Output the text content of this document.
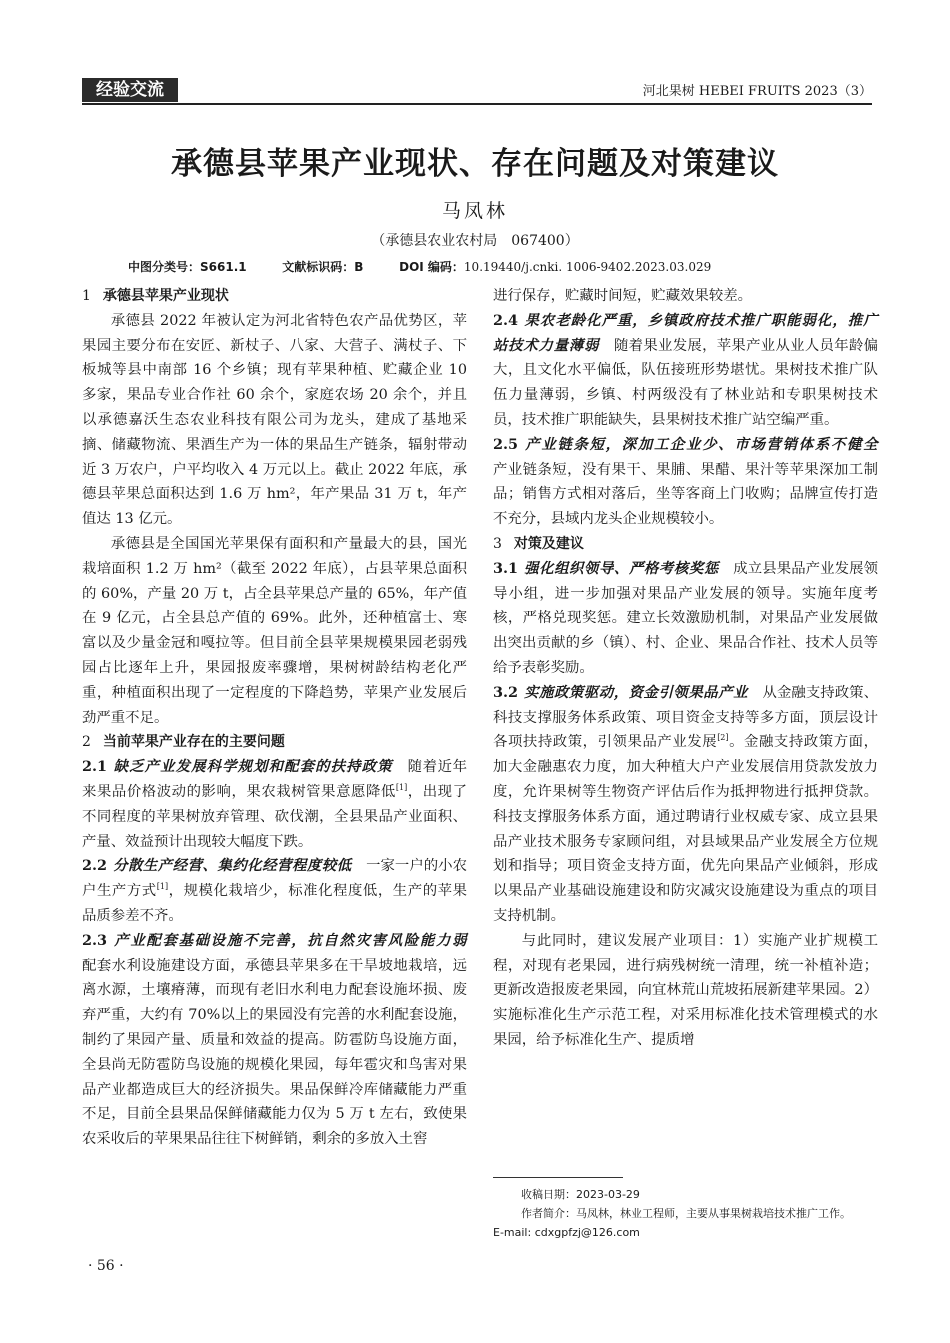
经验交流	河北果树 HEBEI FRUITS 2023（3）
承德县苹果产业现状、存在问题及对策建议
马凤林
（承德县农业农村局　067400）
中图分类号：S661.1	文献标识码：B	DOI 编码：10.19440/j.cnki. 1006-9402.2023.03.029

1 承德县苹果产业现状

承德县 2022 年被认定为河北省特色农产品优势区，苹果园主要分布在安匠、新杖子、八家、大营子、满杖子、下板城等县中南部 16 个乡镇；现有苹果种植、贮藏企业 10 多家，果品专业合作社 60 余个，家庭农场 20 余个，并且以承德嘉沃生态农业科技有限公司为龙头，建成了基地采摘、储藏物流、果酒生产为一体的果品生产链条，辐射带动近 3 万农户，户平均收入 4 万元以上。截止 2022 年底，承德县苹果总面积达到 1.6 万 hm²，年产果品 31 万 t，年产值达 13 亿元。

承德县是全国国光苹果保有面积和产量最大的县，国光栽培面积 1.2 万 hm²（截至 2022 年底），占县苹果总面积的 60%，产量 20 万 t，占全县苹果总产量的 65%，年产值在 9 亿元，占全县总产值的 69%。此外，还种植富士、寒富以及少量金冠和嘎拉等。但目前全县苹果规模果园老弱残园占比逐年上升，果园报废率骤增，果树树龄结构老化严重，种植面积出现了一定程度的下降趋势，苹果产业发展后劲严重不足。

2 当前苹果产业存在的主要问题

2.1 缺乏产业发展科学规划和配套的扶持政策　 随着近年来果品价格波动的影响，果农栽树管果意愿降低[1]，出现了不同程度的苹果树放弃管理、砍伐潮，全县果品产业面积、产量、效益预计出现较大幅度下跌。

2.2 分散生产经营、集约化经营程度较低　 一家一户的小农户生产方式[1]，规模化栽培少，标准化程度低，生产的苹果品质参差不齐。

2.3 产业配套基础设施不完善，抗自然灾害风险能力弱　配套水利设施建设方面，承德县苹果多在干旱坡地栽培，远离水源，土壤瘠薄，而现有老旧水利电力配套设施坏损、废弃严重，大约有 70%以上的果园没有完善的水利配套设施，制约了果园产量、质量和效益的提高。防雹防鸟设施方面，全县尚无防雹防鸟设施的规模化果园，每年雹灾和鸟害对果品产业都造成巨大的经济损失。果品保鲜冷库储藏能力严重不足，目前全县果品保鲜储藏能力仅为 5 万 t 左右，致使果农采收后的苹果果品往往下树鲜销，剩余的多放入土窖

进行保存，贮藏时间短，贮藏效果较差。

2.4 果农老龄化严重，乡镇政府技术推广职能弱化，推广站技术力量薄弱　 随着果业发展，苹果产业从业人员年龄偏大，且文化水平偏低，队伍接班形势堪忧。果树技术推广队伍力量薄弱，乡镇、村两级没有了林业站和专职果树技术员，技术推广职能缺失，县果树技术推广站空编严重。

2.5 产业链条短，深加工企业少、市场营销体系不健全　产业链条短，没有果干、果脯、果醋、果汁等苹果深加工制品；销售方式相对落后，坐等客商上门收购；品牌宣传打造不充分，县域内龙头企业规模较小。

3 对策及建议

3.1 强化组织领导、严格考核奖惩　 成立县果品产业发展领导小组，进一步加强对果品产业发展的领导。实施年度考核，严格兑现奖惩。建立长效激励机制，对果品产业发展做出突出贡献的乡（镇）、村、企业、果品合作社、技术人员等给予表彰奖励。

3.2 实施政策驱动，资金引领果品产业　 从金融支持政策、科技支撑服务体系政策、项目资金支持等多方面，顶层设计各项扶持政策，引领果品产业发展[2]。金融支持政策方面，加大金融惠农力度，加大种植大户产业发展信用贷款发放力度，允许果树等生物资产评估后作为抵押物进行抵押贷款。科技支撑服务体系方面，通过聘请行业权威专家、成立县果品产业技术服务专家顾问组，对县域果品产业发展全方位规划和指导；项目资金支持方面，优先向果品产业倾斜，形成以果品产业基础设施建设和防灾减灾设施建设为重点的项目支持机制。

与此同时，建议发展产业项目：1）实施产业扩规模工程，对现有老果园，进行病残树统一清理，统一补植补造；更新改造报废老果园，向宜林荒山荒坡拓展新建苹果园。2）实施标准化生产示范工程，对采用标准化技术管理模式的水果园，给予标准化生产、提质增

收稿日期：2023-03-29

作者简介：马凤林，林业工程师，主要从事果树栽培技术推广工作。

E-mail: cdxgpfzj@126.com

· 56 ·
